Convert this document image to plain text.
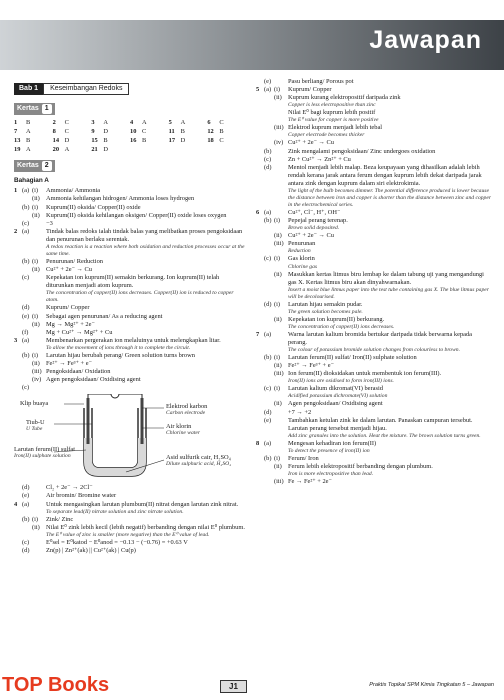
Jawapan
Bab 1	Keseimbangan Redoks
Kertas 1
1 B	2 C	3 A	4 A	5 A	6 C
7 A	8 C	9 D	10 C	11 B	12 B
13 B	14 D	15 B	16 B	17 D	18 C
19 A	20 A	21 D
Kertas 2
Bahagian A
1 (a) (i)	Ammonia/ Ammonia
(ii) Ammonia kehilangan hidrogen/ Ammonia loses hydrogen
(b) (i)	Kuprum(II) oksida/ Copper(II) oxide
(ii) Kuprum(II) oksida kehilangan oksigen/ Copper(II) oxide loses oxygen
(c)	−3
2 (a)	Tindak balas redoks ialah tindak balas yang melibatkan proses pengoksidaan dan penurunan berlaku serentak.
A redox reaction is a reaction where both oxidation and reduction processes occur at the same time.
(b) (i)	Penurunan/ Reduction
(ii) Cu²⁺ + 2e⁻ → Cu
(c)	Kepekatan ion kuprum(II) semakin berkurang. Ion kuprum(II) telah diturunkan menjadi atom kuprum.
The concentration of copper(II) ions decreases. Copper(II) ion is reduced to copper atom.
(d)	Kuprum/ Copper
(e) (i)	Sebagai agen penurunan/ As a reducing agent
(ii) Mg → Mg²⁺ + 2e⁻
(f)	Mg + Cu²⁺ → Mg²⁺ + Cu
3 (a)	Membenarkan pergerakan ion melaluinya untuk melengkapkan litar.
To allow the movement of ions through it to complete the circuit.
(b) (i)	Larutan hijau berubah perang/ Green solution turns brown
(ii) Fe²⁺ → Fe³⁺ + e⁻
(iii) Pengoksidaan/ Oxidation
(iv) Agen pengoksidaan/ Oxidising agent
(c)
Klip buaya
Tiub-U
U Tube
Larutan ferum(II) sulfat
Iron(II) sulphate solution
Elektrod karbon
Carbon electrode
Air klorin
Chlorine water
Asid sulfurik cair, H₂SO₄
Dilute sulphuric acid, H₂SO₄
(d)	Cl₂ + 2e⁻ → 2Cl⁻
(e)	Air bromin/ Bromine water
4 (a)	Untuk mengasingkan larutan plumbum(II) nitrat dengan larutan zink nitrat.
To separate lead(II) nitrate solution and zinc nitrate solution.
(b) (i)	Zink/ Zinc
(ii) Nilai E⁰ zink lebih kecil (lebih negatif) berbanding dengan nilai E⁰ plumbum.
The E⁰ value of zinc is smaller (more negative) than the E⁰ value of lead.
(c)	E⁰sel = E⁰katod − E⁰anod = −0.13 − (−0.76) = +0.63 V
(d)	Zn(p) | Zn²⁺(ak) || Cu²⁺(ak) | Cu(p)
(e)	Pasu berliang/ Porous pot
5 (a) (i)	Kuprum/ Copper
(ii) Kuprum kurang elektropositif daripada zink
Copper is less electropositive than zinc
Nilai E⁰ bagi kuprum lebih positif
The E⁰ value for copper is more positive
(iii) Elektrod kuprum menjadi lebih tebal
Copper electrode becomes thicker
(iv) Cu²⁺ + 2e⁻ → Cu
(b)	Zink mengalami pengoksidaan/ Zinc undergoes oxidation
(c)	Zn + Cu²⁺ → Zn²⁺ + Cu
(d)	Mentol menjadi lebih malap. Beza keupayaan yang dihasilkan adalah lebih rendah kerana jarak antara ferum dengan kuprum lebih dekat daripada jarak antara zink dengan kuprum dalam siri elektrokimia.
The light of the bulb becomes dimmer. The potential difference produced is lower because the distance between iron and copper is shorter than the distance between zinc and copper in the electrochemical series.
6 (a)	Cu²⁺, Cl⁻, H⁺, OH⁻
(b) (i)	Pepejal perang terenap.
Brown solid deposited.
(ii) Cu²⁺ + 2e⁻ → Cu
(iii) Penurunan
Reduction
(c) (i)	Gas klorin
Chlorine gas
(ii) Masukkan kertas litmus biru lembap ke dalam tabung uji yang mengandungi gas X. Kertas litmus biru akan dinyahwarnakan.
Insert a moist blue litmus paper into the test tube containing gas X. The blue litmus paper will be decolourised.
(d) (i)	Larutan hijau semakin pudar.
The green solution becomes pale.
(ii) Kepekatan ion kuprum(II) berkurang.
The concentration of copper(II) ions decreases.
7 (a)	Warna larutan kalium bromida bertukar daripada tidak berwarna kepada perang.
The colour of potassium bromide solution changes from colourless to brown.
(b) (i)	Larutan ferum(II) sulfat/ Iron(II) sulphate solution
(ii) Fe²⁺ → Fe³⁺ + e⁻
(iii) Ion ferum(II) dioksidakan untuk membentuk ion ferum(III).
Iron(II) ions are oxidised to form iron(III) ions.
(c) (i)	Larutan kalium dikromat(VI) berasid
Acidified potassium dichromate(VI) solution
(ii) Agen pengoksidaan/ Oxidising agent
(d)	+7 → +2
(e)	Tambahkan ketulan zink ke dalam larutan. Panaskan campuran tersebut. Larutan perang tersebut menjadi hijau.
Add zinc granules into the solution. Heat the mixture. The brown solution turns green.
8 (a)	Mengesan kehadiran ion ferum(II)
To detect the presence of iron(II) ion
(b) (i)	Ferum/ Iron
(ii) Ferum lebih elektropositif berbanding dengan plumbum.
Iron is more electropositive than lead.
(iii) Fe → Fe²⁺ + 2e⁻
TOP Books	J1	Praktis Topikal SPM Kimia Tingkatan 5 – Jawapan
